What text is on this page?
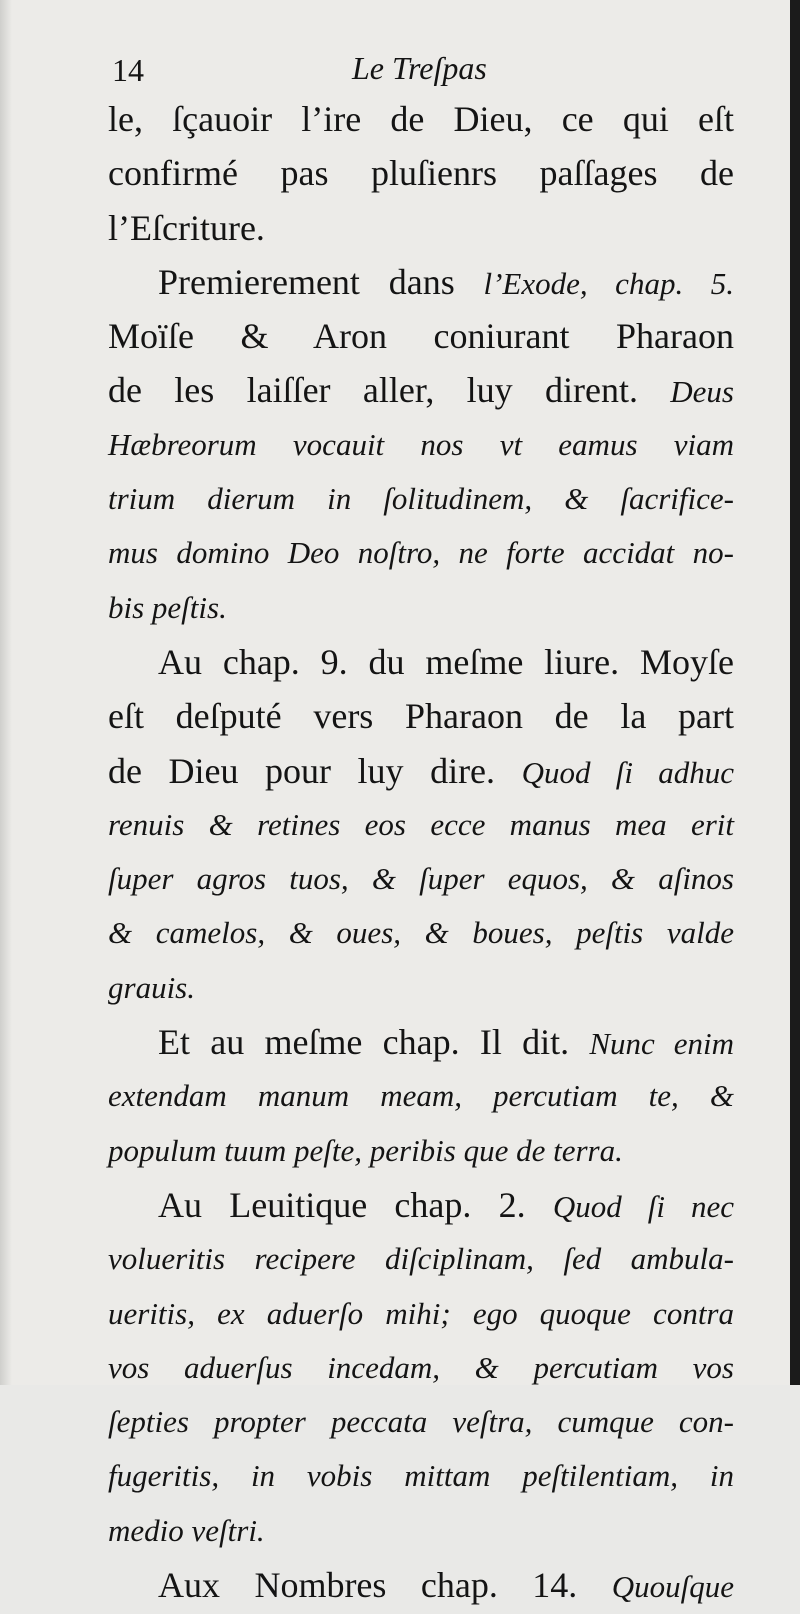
14	Le Treſpas
le, ſçauoir l’ire de Dieu, ce qui eſt
confirmé pas pluſienrs paſſages de
l’Eſcriture.
Premierement dans l’Exode, chap. 5.
Moïſe & Aron coniurant Pharaon
de les laiſſer aller, luy dirent. Deus
Hæbreorum vocauit nos vt eamus viam
trium dierum in ſolitudinem, & ſacrifice-
mus domino Deo noſtro, ne forte accidat no-
bis peſtis.
Au chap. 9. du meſme liure. Moyſe
eſt deſputé vers Pharaon de la part
de Dieu pour luy dire. Quod ſi adhuc
renuis & retines eos ecce manus mea erit
ſuper agros tuos, & ſuper equos, & aſinos
& camelos, & oues, & boues, peſtis valde
grauis.
Et au meſme chap. Il dit. Nunc enim
extendam manum meam, percutiam te, &
populum tuum peſte, peribis que de terra.
Au Leuitique chap. 2. Quod ſi nec
volueritis recipere diſciplinam, ſed ambula-
ueritis, ex aduerſo mihi; ego quoque contra
vos aduerſus incedam, & percutiam vos
ſepties propter peccata veſtra, cumque con-
fugeritis, in vobis mittam peſtilentiam, in
medio veſtri.
Aux Nombres chap. 14. Quouſque
